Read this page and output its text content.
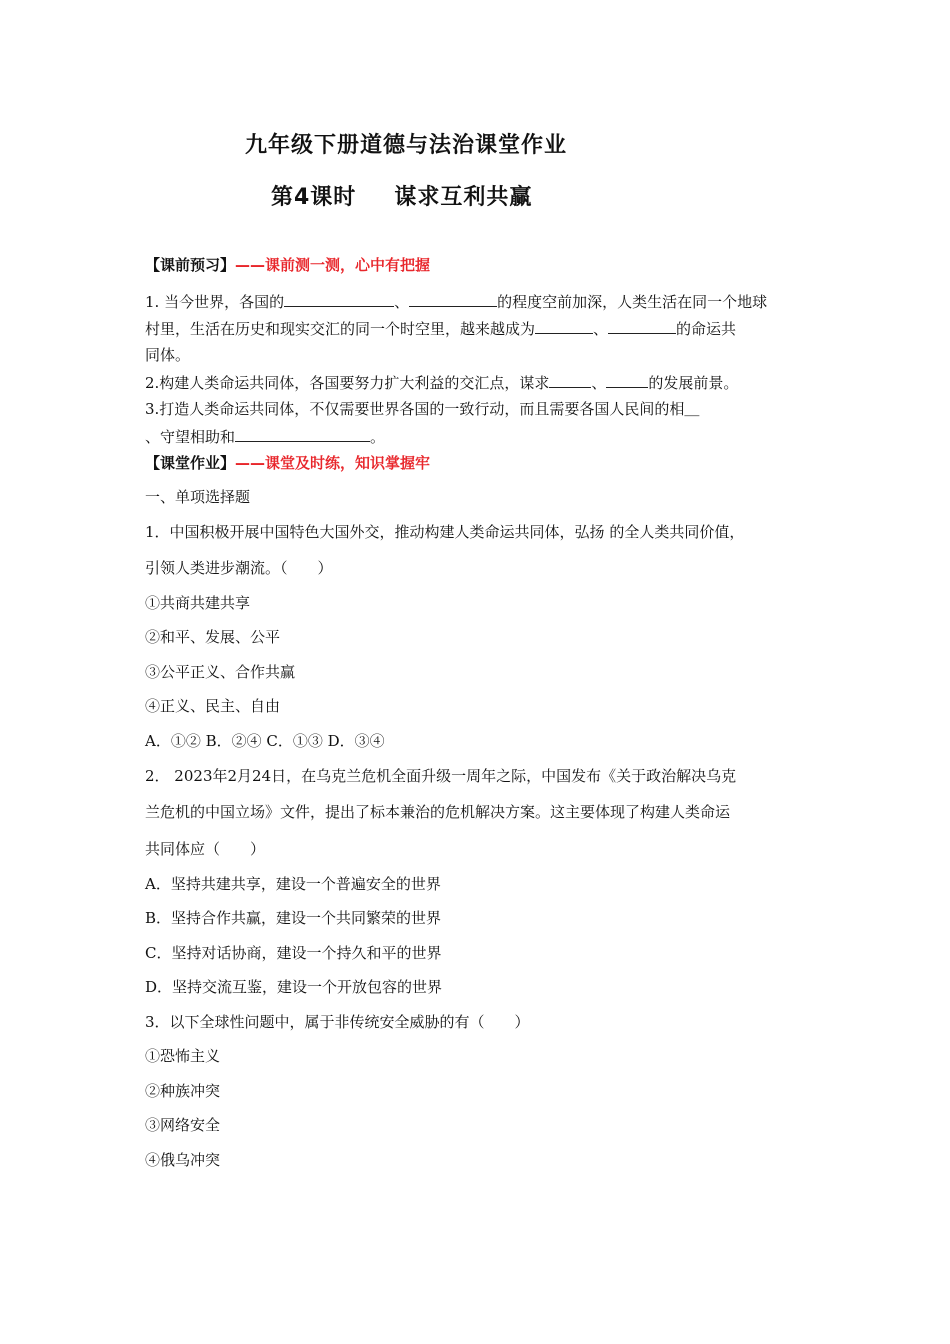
九年级下册道德与法治课堂作业
第4课时 谋求互利共赢
【课前预习】——课前测一测，心中有把握
1. 当今世界，各国的	、	的程度空前加深，人类生活在同一个地球
村里，生活在历史和现实交汇的同一个时空里，越来越成为	、	的命运共
同体。
2.构建人类命运共同体，各国要努力扩大利益的交汇点，谋求	、	的发展前景。
3.打造人类命运共同体，不仅需要世界各国的一致行动，而且需要各国人民间的相＿
、守望相助和	。
【课堂作业】——课堂及时练，知识掌握牢
一、单项选择题
1．中国积极开展中国特色大国外交，推动构建人类命运共同体，弘扬 的全人类共同价值，
引领人类进步潮流。（　　）
①共商共建共享
②和平、发展、公平
③公平正义、合作共赢
④正义、民主、自由
A．①② B．②④ C．①③ D．③④
2． 2023年2月24日，在乌克兰危机全面升级一周年之际，中国发布《关于政治解决乌克
兰危机的中国立场》文件，提出了标本兼治的危机解决方案。这主要体现了构建人类命运
共同体应（　　）
A．坚持共建共享，建设一个普遍安全的世界
B．坚持合作共赢，建设一个共同繁荣的世界
C．坚持对话协商，建设一个持久和平的世界
D．坚持交流互鉴，建设一个开放包容的世界
3．以下全球性问题中，属于非传统安全威胁的有（　　）
①恐怖主义
②种族冲突
③网络安全
④俄乌冲突
